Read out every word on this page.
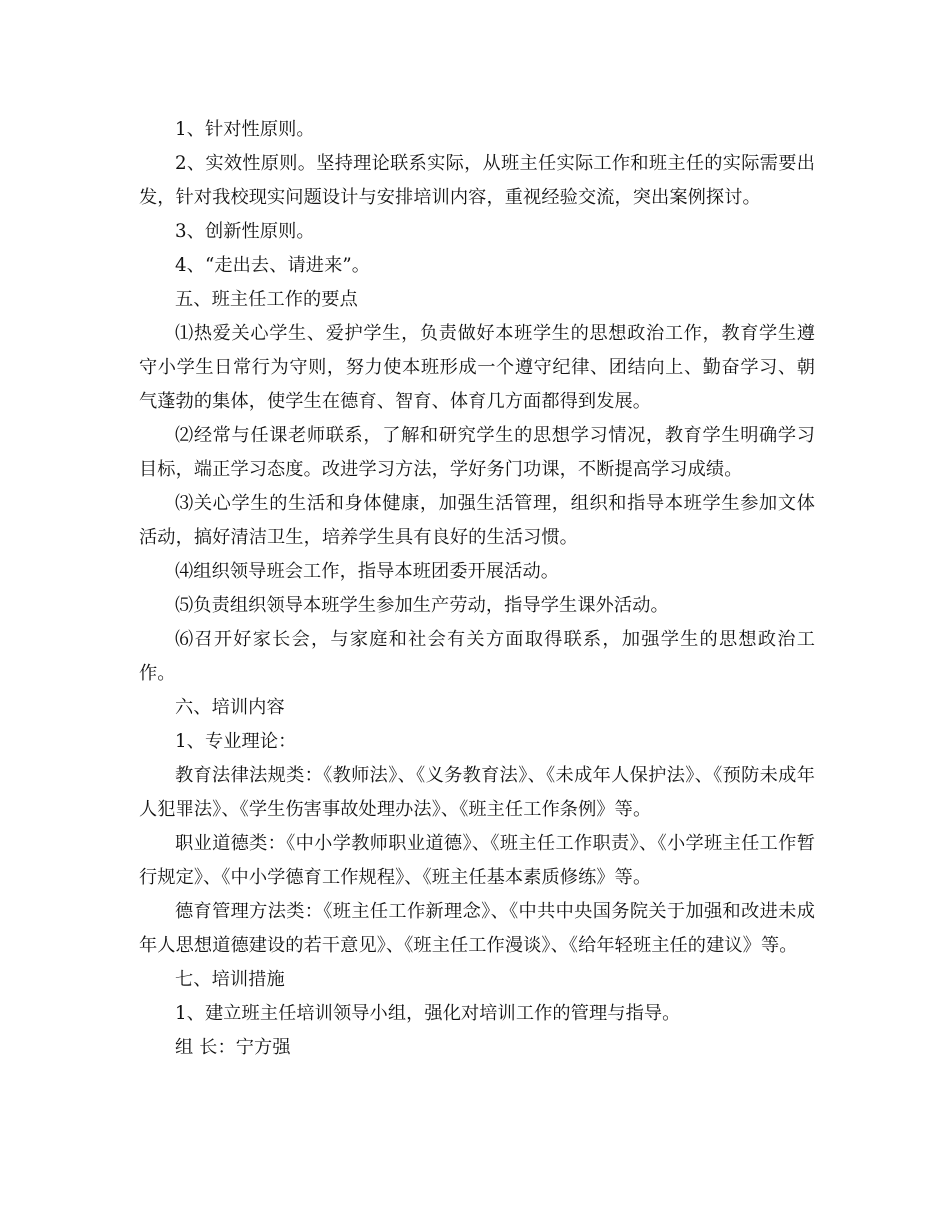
1、针对性原则。

2、实效性原则。坚持理论联系实际，从班主任实际工作和班主任的实际需要出发，针对我校现实问题设计与安排培训内容，重视经验交流，突出案例探讨。

3、创新性原则。

4、“走出去、请进来”。

五、班主任工作的要点

⑴热爱关心学生、爱护学生，负责做好本班学生的思想政治工作，教育学生遵守小学生日常行为守则，努力使本班形成一个遵守纪律、团结向上、勤奋学习、朝气蓬勃的集体，使学生在德育、智育、体育几方面都得到发展。

⑵经常与任课老师联系，了解和研究学生的思想学习情况，教育学生明确学习目标，端正学习态度。改进学习方法，学好务门功课，不断提高学习成绩。

⑶关心学生的生活和身体健康，加强生活管理，组织和指导本班学生参加文体活动，搞好清洁卫生，培养学生具有良好的生活习惯。

⑷组织领导班会工作，指导本班团委开展活动。

⑸负责组织领导本班学生参加生产劳动，指导学生课外活动。

⑹召开好家长会，与家庭和社会有关方面取得联系，加强学生的思想政治工作。

六、培训内容

1、专业理论：

教育法律法规类：《教师法》、《义务教育法》、《未成年人保护法》、《预防未成年人犯罪法》、《学生伤害事故处理办法》、《班主任工作条例》等。

职业道德类：《中小学教师职业道德》、《班主任工作职责》、《小学班主任工作暂行规定》、《中小学德育工作规程》、《班主任基本素质修练》等。

德育管理方法类：《班主任工作新理念》、《中共中央国务院关于加强和改进未成年人思想道德建设的若干意见》、《班主任工作漫谈》、《给年轻班主任的建议》等。

七、培训措施

1、建立班主任培训领导小组，强化对培训工作的管理与指导。

组 长：宁方强
